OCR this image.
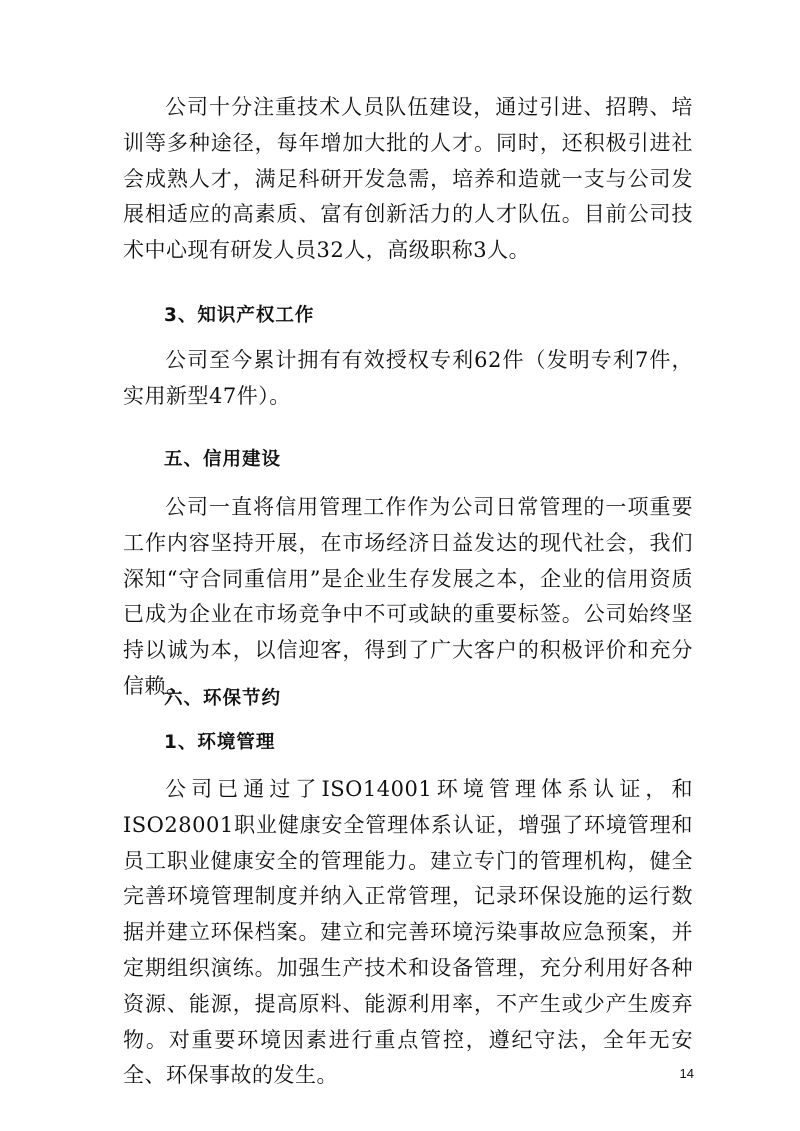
公司十分注重技术人员队伍建设，通过引进、招聘、培训等多种途径，每年增加大批的人才。同时，还积极引进社会成熟人才，满足科研开发急需，培养和造就一支与公司发展相适应的高素质、富有创新活力的人才队伍。目前公司技术中心现有研发人员32人，高级职称3人。

3、知识产权工作

公司至今累计拥有有效授权专利62件（发明专利7件，实用新型47件）。

五、信用建设

公司一直将信用管理工作作为公司日常管理的一项重要工作内容坚持开展，在市场经济日益发达的现代社会，我们深知“守合同重信用”是企业生存发展之本，企业的信用资质已成为企业在市场竞争中不可或缺的重要标签。公司始终坚持以诚为本，以信迎客，得到了广大客户的积极评价和充分信赖。

六、环保节约
1、环境管理

公司已通过了ISO14001环境管理体系认证，和ISO28001职业健康安全管理体系认证，增强了环境管理和员工职业健康安全的管理能力。建立专门的管理机构，健全完善环境管理制度并纳入正常管理，记录环保设施的运行数据并建立环保档案。建立和完善环境污染事故应急预案，并定期组织演练。加强生产技术和设备管理，充分利用好各种资源、能源，提高原料、能源利用率，不产生或少产生废弃物。对重要环境因素进行重点管控，遵纪守法，全年无安全、环保事故的发生。	14
